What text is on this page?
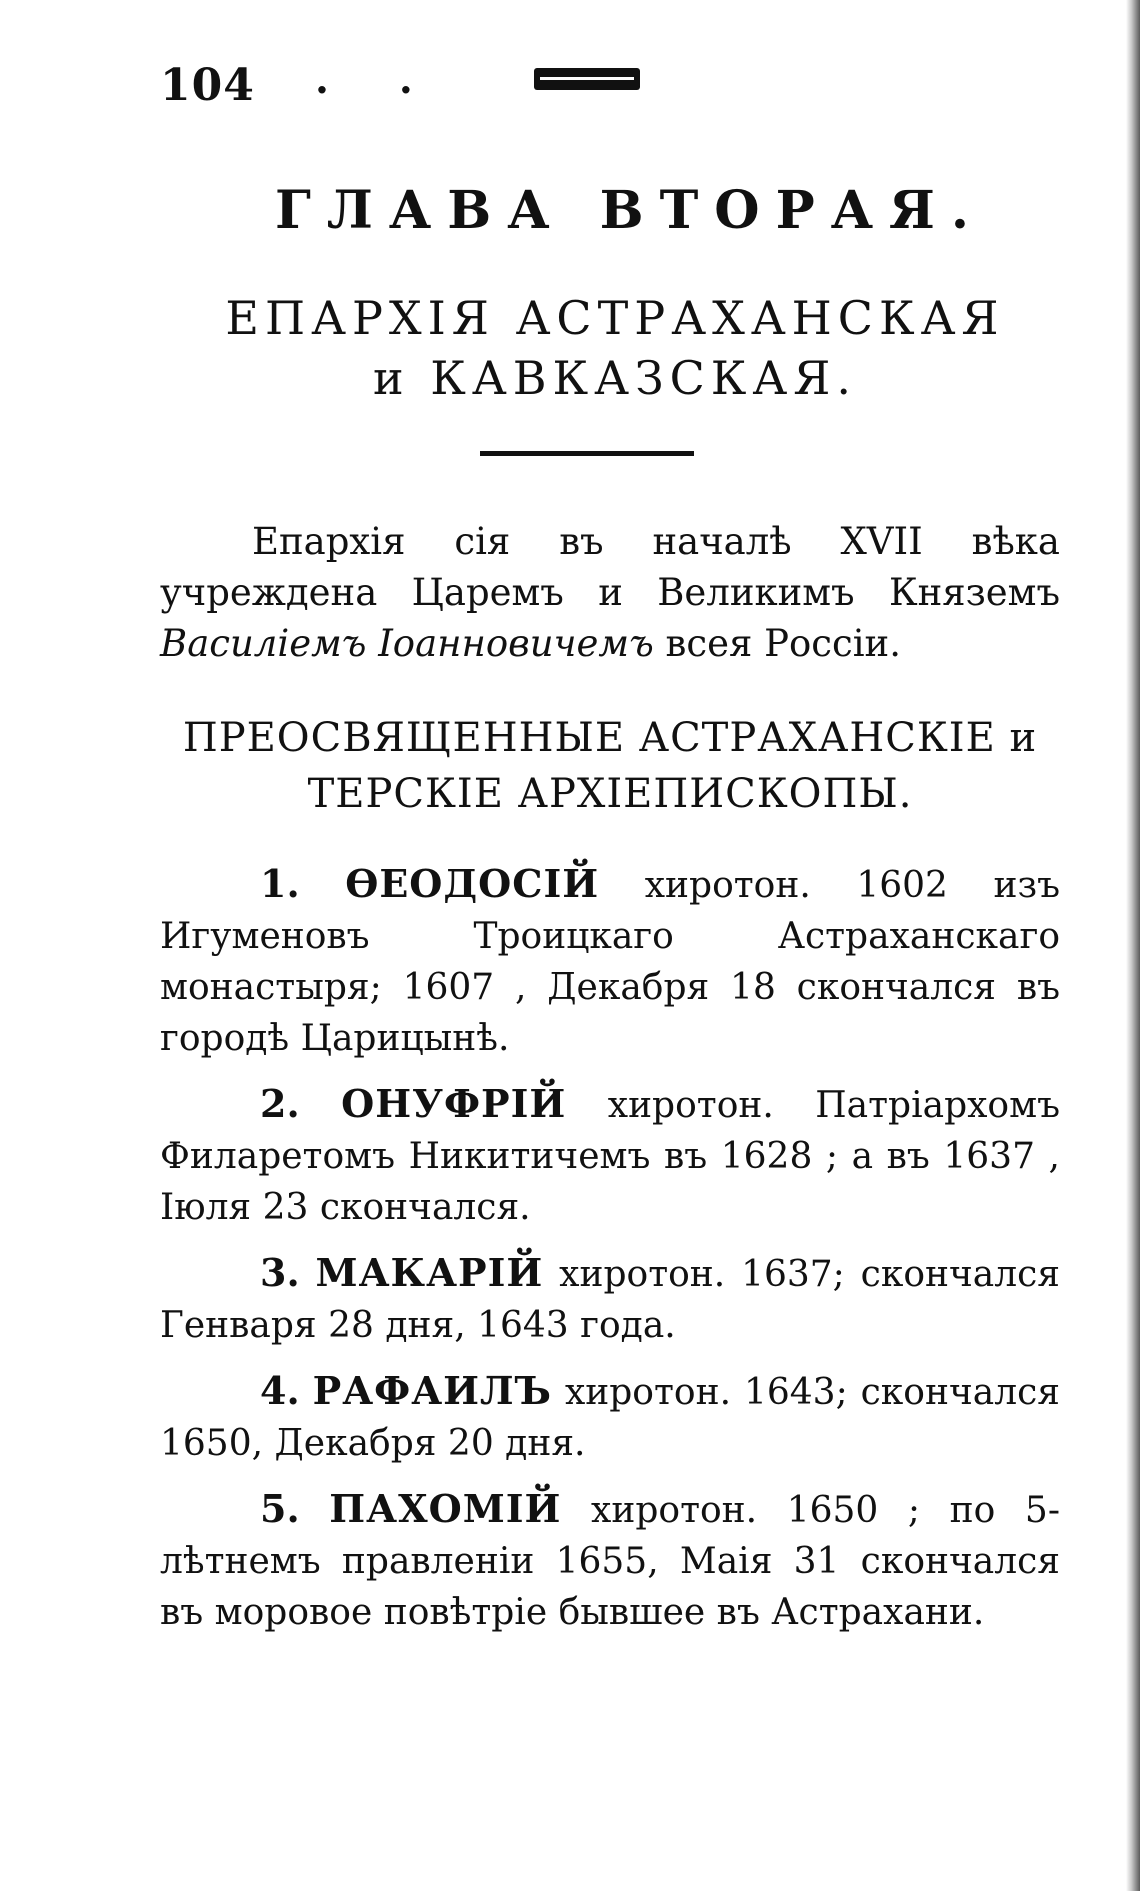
104 . .
ГЛАВА ВТОРАЯ.
ЕПАРХІЯ АСТРАХАНСКАЯ
и КАВКАЗСКАЯ.

Епархія сія въ началѣ XVII вѣка учреждена Царемъ и Великимъ Княземъ Василіемъ Іоанновичемъ всея Россіи.

ПРЕОСВЯЩЕННЫЕ АСТРАХАНСКІЕ и ТЕРСКІЕ АРХІЕПИСКОПЫ.

1. ѲЕОДОСІЙ хиротон. 1602 изъ Игуменовъ Троицкаго Астраханскаго монастыря; 1607 , Декабря 18 скончался въ городѣ Царицынѣ.

2. ОНУФРІЙ хиротон. Патріархомъ Филаретомъ Никитичемъ въ 1628 ; а въ 1637 , Іюля 23 скончался.

3. МАКАРІЙ хиротон. 1637; скончался Генваря 28 дня, 1643 года.

4. РАФАИЛЪ хиротон. 1643; скончался 1650, Декабря 20 дня.

5. ПАХОМІЙ хиротон. 1650 ; по 5-лѣтнемъ правленіи 1655, Маія 31 скончался въ моровое повѣтріе бывшее въ Астрахани.
